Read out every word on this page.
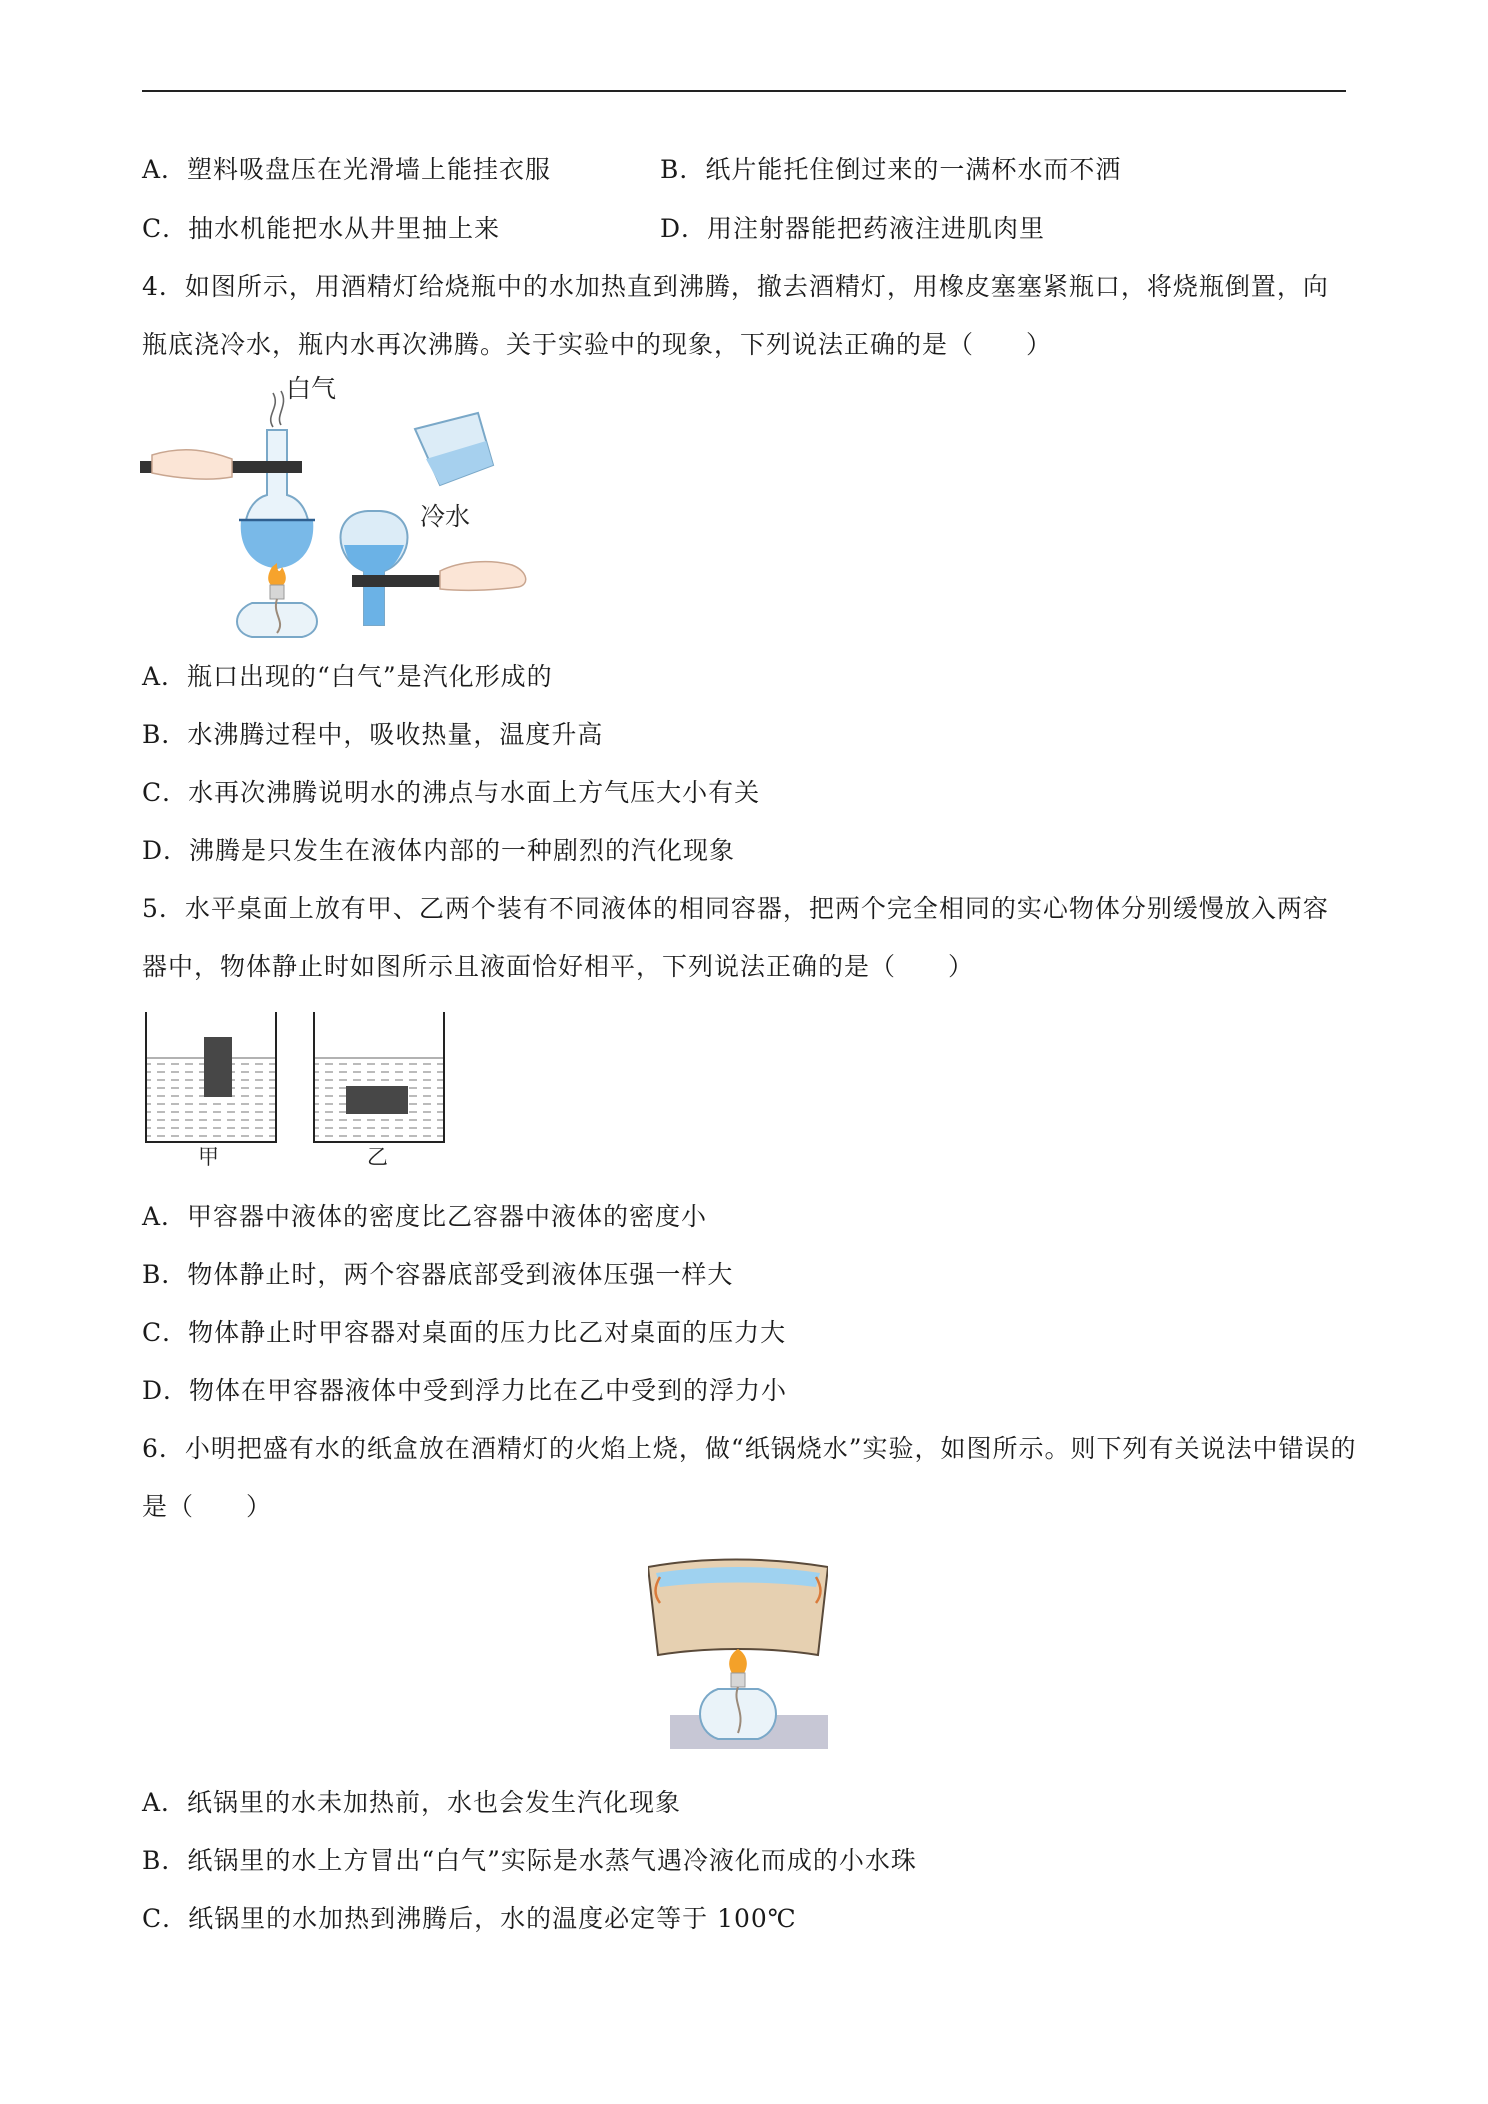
A．塑料吸盘压在光滑墙上能挂衣服	B．纸片能托住倒过来的一满杯水而不洒
C．抽水机能把水从井里抽上来	D．用注射器能把药液注进肌肉里
4．如图所示，用酒精灯给烧瓶中的水加热直到沸腾，撤去酒精灯，用橡皮塞塞紧瓶口，将烧瓶倒置，向
瓶底浇冷水，瓶内水再次沸腾。关于实验中的现象，下列说法正确的是（　　）
白气
冷水
A．瓶口出现的“白气”是汽化形成的
B．水沸腾过程中，吸收热量，温度升高
C．水再次沸腾说明水的沸点与水面上方气压大小有关
D．沸腾是只发生在液体内部的一种剧烈的汽化现象
5．水平桌面上放有甲、乙两个装有不同液体的相同容器，把两个完全相同的实心物体分别缓慢放入两容
器中，物体静止时如图所示且液面恰好相平，下列说法正确的是（　　）
甲	乙
A．甲容器中液体的密度比乙容器中液体的密度小
B．物体静止时，两个容器底部受到液体压强一样大
C．物体静止时甲容器对桌面的压力比乙对桌面的压力大
D．物体在甲容器液体中受到浮力比在乙中受到的浮力小
6．小明把盛有水的纸盒放在酒精灯的火焰上烧，做“纸锅烧水”实验，如图所示。则下列有关说法中错误的
是（　　）
A．纸锅里的水未加热前，水也会发生汽化现象
B．纸锅里的水上方冒出“白气”实际是水蒸气遇冷液化而成的小水珠
C．纸锅里的水加热到沸腾后，水的温度必定等于 100℃
